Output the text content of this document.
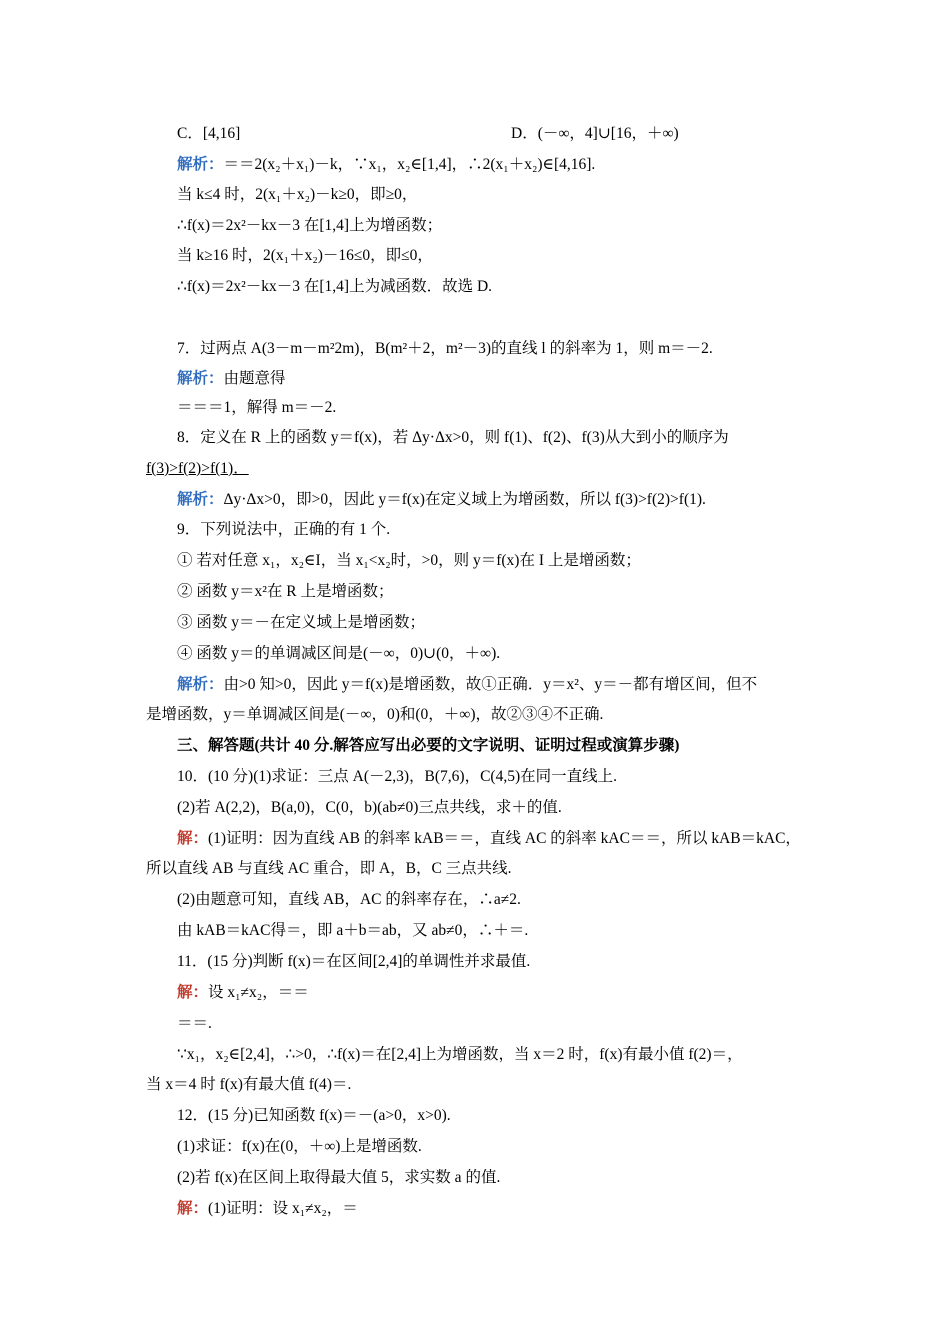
C．[4,16]	D．(－∞，4]∪[16，＋∞)
解析：＝＝2(x₂＋x₁)－k，∵x₁，x₂∈[1,4]，∴2(x₁＋x₂)∈[4,16].
当 k≤4 时，2(x₁＋x₂)－k≥0，即≥0，
∴f(x)＝2x²－kx－3 在[1,4]上为增函数；
当 k≥16 时，2(x₁＋x₂)－16≤0，即≤0，
∴f(x)＝2x²－kx－3 在[1,4]上为减函数．故选 D.
7．过两点 A(3－m－m²2m)，B(m²＋2，m²－3)的直线 l 的斜率为 1，则 m＝－2.
解析：由题意得
＝＝＝1，解得 m＝－2.
8．定义在 R 上的函数 y＝f(x)，若 Δy·Δx>0，则 f(1)、f(2)、f(3)从大到小的顺序为
f(3)>f(2)>f(1)．
解析：Δy·Δx>0，即>0，因此 y＝f(x)在定义域上为增函数，所以 f(3)>f(2)>f(1).
9．下列说法中，正确的有 1 个.
① 若对任意 x₁，x₂∈I，当 x₁<x₂时，>0，则 y＝f(x)在 I 上是增函数；
② 函数 y＝x²在 R 上是增函数；
③ 函数 y＝－在定义域上是增函数；
④ 函数 y＝的单调减区间是(－∞，0)∪(0，＋∞).
解析：由>0 知>0，因此 y＝f(x)是增函数，故①正确．y＝x²、y＝－都有增区间，但不
是增函数，y＝单调减区间是(－∞，0)和(0，＋∞)，故②③④不正确.
三、解答题(共计 40 分.解答应写出必要的文字说明、证明过程或演算步骤)
10．(10 分)(1)求证：三点 A(－2,3)，B(7,6)，C(4,5)在同一直线上.
(2)若 A(2,2)，B(a,0)，C(0，b)(ab≠0)三点共线，求＋的值.
解：(1)证明：因为直线 AB 的斜率 kAB＝＝，直线 AC 的斜率 kAC＝＝，所以 kAB＝kAC，
所以直线 AB 与直线 AC 重合，即 A，B，C 三点共线.
(2)由题意可知，直线 AB，AC 的斜率存在，∴a≠2.
由 kAB＝kAC得＝，即 a＋b＝ab，又 ab≠0，∴＋＝.
11．(15 分)判断 f(x)＝在区间[2,4]的单调性并求最值.
解：设 x₁≠x₂，＝＝
＝＝.
∵x₁，x₂∈[2,4]，∴>0，∴f(x)＝在[2,4]上为增函数，当 x＝2 时，f(x)有最小值 f(2)＝，
当 x＝4 时 f(x)有最大值 f(4)＝.
12．(15 分)已知函数 f(x)＝－(a>0，x>0).
(1)求证：f(x)在(0，＋∞)上是增函数.
(2)若 f(x)在区间上取得最大值 5，求实数 a 的值.
解：(1)证明：设 x₁≠x₂，＝
